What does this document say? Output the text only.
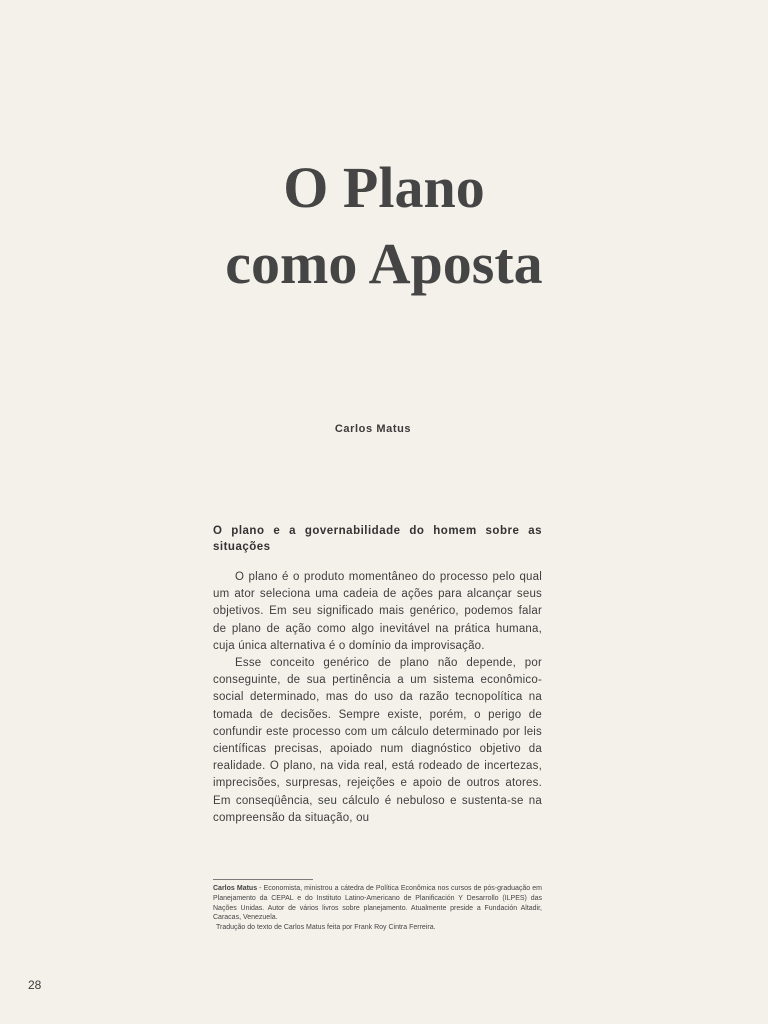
O Plano
como Aposta
Carlos Matus
O plano e a governabilidade do homem sobre as situações

O plano é o produto momentâneo do processo pelo qual um ator seleciona uma cadeia de ações para alcançar seus objetivos. Em seu significado mais genérico, podemos falar de plano de ação como algo inevitável na prática humana, cuja única alternativa é o domínio da improvisação.

Esse conceito genérico de plano não depende, por conseguinte, de sua pertinência a um sistema econômico-social determinado, mas do uso da razão tecnopolítica na tomada de decisões. Sempre existe, porém, o perigo de confundir este processo com um cálculo determinado por leis científicas precisas, apoiado num diagnóstico objetivo da realidade. O plano, na vida real, está rodeado de incertezas, imprecisões, surpresas, rejeições e apoio de outros atores. Em conseqüência, seu cálculo é nebuloso e sustenta-se na compreensão da situação, ou

Carlos Matus - Economista, ministrou a cátedra de Política Econômica nos cursos de pós-graduação em Planejamento da CEPAL e do Instituto Latino-Americano de Planificación Y Desarrollo (ILPES) das Nações Unidas. Autor de vários livros sobre planejamento. Atualmente preside a Fundación Altadir, Caracas, Venezuela.
Tradução do texto de Carlos Matus feita por Frank Roy Cintra Ferreira.

28
